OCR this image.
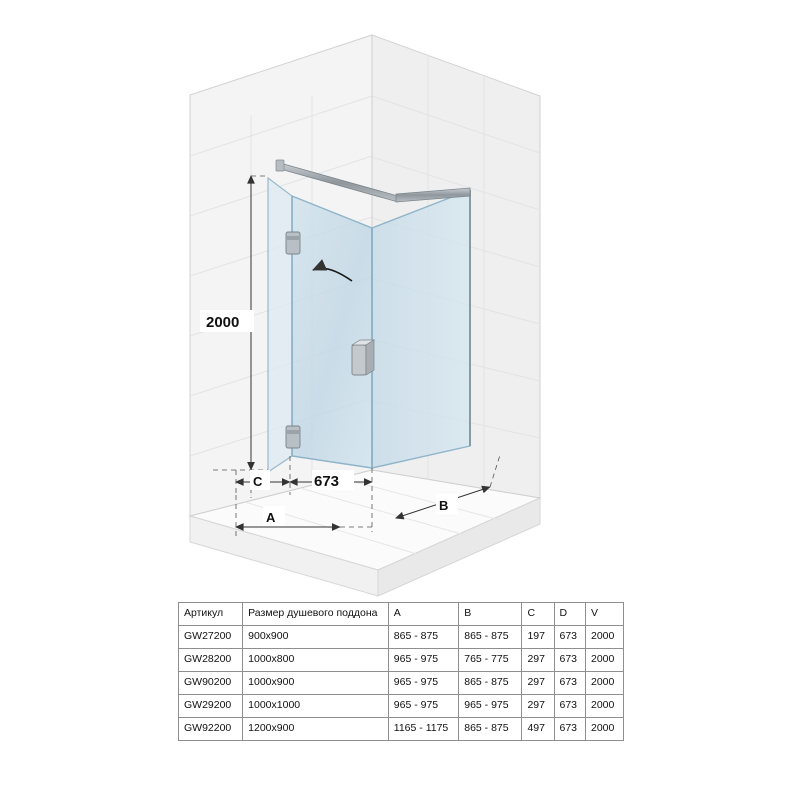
2000
673
C
A
B
Артикул	Размер душевого поддона	A	B	C	D	V
GW27200	900x900	865 - 875	865 - 875	197	673	2000
GW28200	1000x800	965 - 975	765 - 775	297	673	2000
GW90200	1000x900	965 - 975	865 - 875	297	673	2000
GW29200	1000x1000	965 - 975	965 - 975	297	673	2000
GW92200	1200x900	1165 - 1175	865 - 875	497	673	2000
